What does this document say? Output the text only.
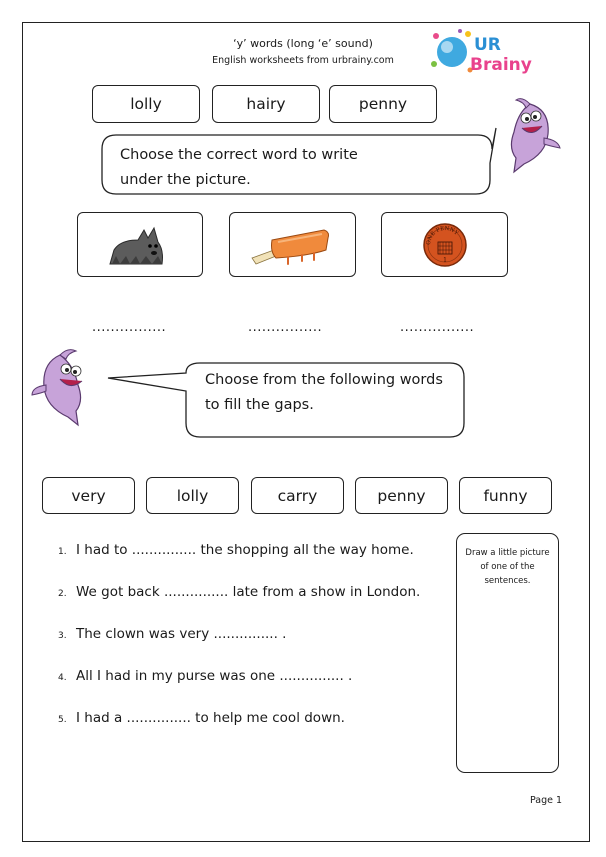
‘y’ words (long ‘e’ sound)
English worksheets from urbrainy.com
UR
Brainy
lolly	hairy	penny
Choose the correct word to write
under the picture.
ONE PENNY
1
................	................	................
Choose from the following words
to fill the gaps.
very	lolly	carry	penny	funny
1. I had to ............... the shopping all the way home.
2. We got back ............... late from a show in London.
3. The clown was very ............... .
4. All I had in my purse was one ............... .
5. I had a ............... to help me cool down.
Draw a little picture
of one of the
sentences.
Page 1
